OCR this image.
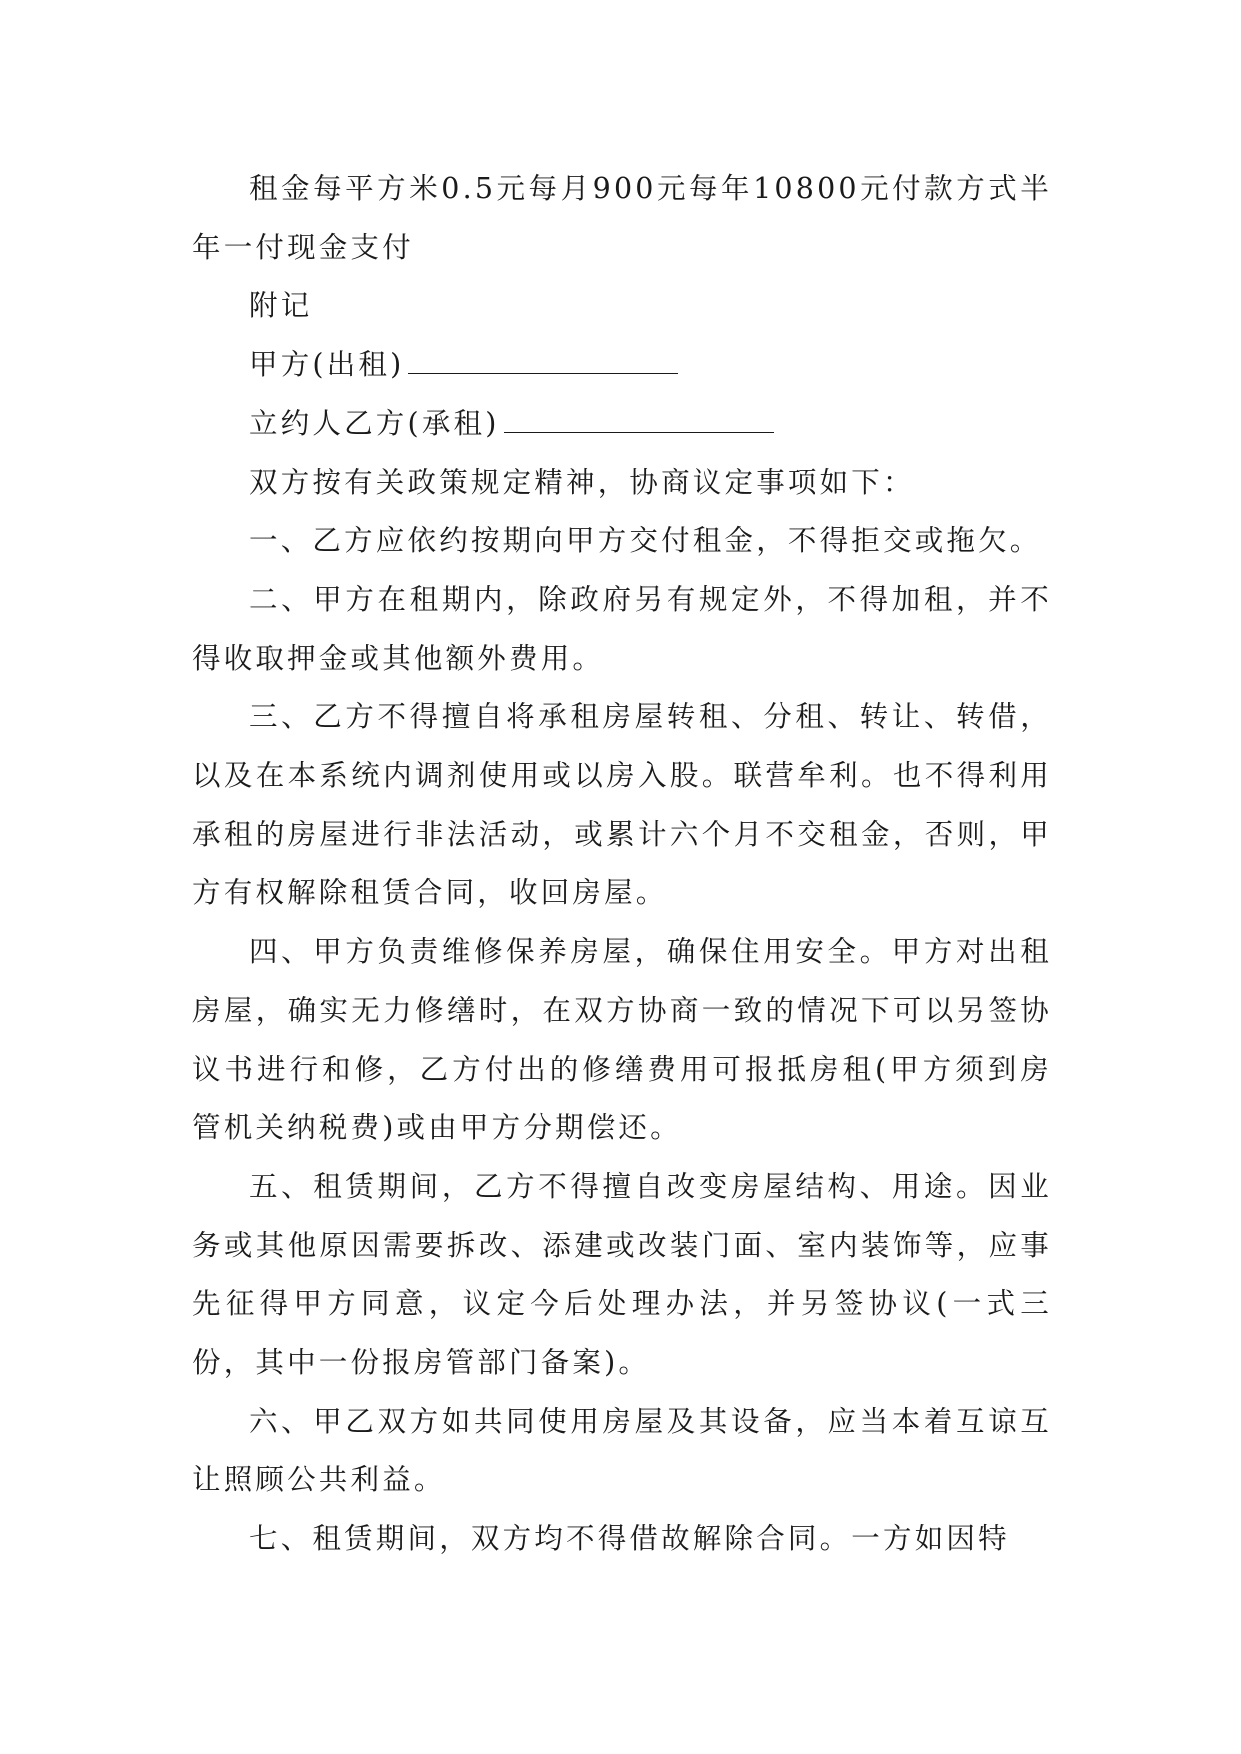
租金每平方米0.5元每月900元每年10800元付款方式半年一付现金支付

附记

甲方(出租)

立约人乙方(承租)

双方按有关政策规定精神，协商议定事项如下：

一、乙方应依约按期向甲方交付租金，不得拒交或拖欠。

二、甲方在租期内，除政府另有规定外，不得加租，并不得收取押金或其他额外费用。

三、乙方不得擅自将承租房屋转租、分租、转让、转借，以及在本系统内调剂使用或以房入股。联营牟利。也不得利用承租的房屋进行非法活动，或累计六个月不交租金，否则，甲方有权解除租赁合同，收回房屋。

四、甲方负责维修保养房屋，确保住用安全。甲方对出租房屋，确实无力修缮时，在双方协商一致的情况下可以另签协议书进行和修，乙方付出的修缮费用可报抵房租(甲方须到房管机关纳税费)或由甲方分期偿还。

五、租赁期间，乙方不得擅自改变房屋结构、用途。因业务或其他原因需要拆改、添建或改装门面、室内装饰等，应事先征得甲方同意，议定今后处理办法，并另签协议(一式三份，其中一份报房管部门备案)。

六、甲乙双方如共同使用房屋及其设备，应当本着互谅互让照顾公共利益。

七、租赁期间，双方均不得借故解除合同。一方如因特
